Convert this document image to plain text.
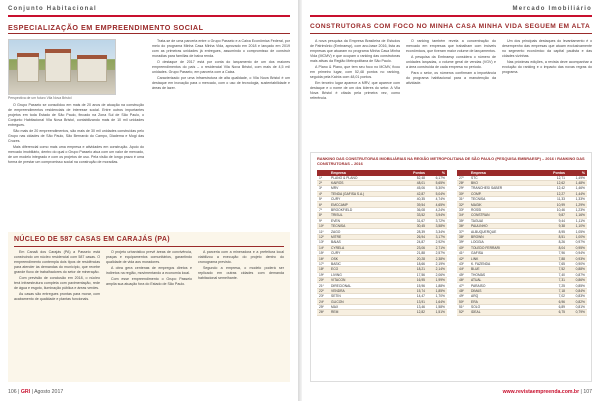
Conjunto Habitacional
ESPECIALIZAÇÃO EM EMPREENDIMENTO SOCIAL
Perspectiva de um futuro Vila Nova Bristol

O Grupo Passeio se consolidou em mais de 20 anos de atuação na construção de empreendimentos residenciais de interesse social. Entre outros importantes projetos em toda Estado de São Paulo, fincado na Zona Sul de São Paulo, o Conjunto Habitacional Vila Nova Bristol, contabilizando mais de 10 mil unidades entregues.

São mais de 20 empreendimentos, são mais de 30 mil unidades construídas pelo Grupo nas cidades de São Paulo, São Bernardo do Campo, Diadema e Mogi das Cruzes.

Mais diferencial como mais uma empresa e atividades em construção. Apoio do mercado imobiliário, dentro do qual o Grupo Passeio atua com um valor de mercado, de um modelo integrado e com os projetos de uso. Pela visão de longo prazo é uma forma de prestar um compromisso social na construção de moradias.

Trata-se de uma parceria entre o Grupo Passeio e a Caixa Econômica Federal, por meio do programa Minha Casa Minha Vida, aprovado em 2018 e lançado em 2019 com as primeiras unidades já entregues, assumindo o compromisso de construir moradias para famílias de baixa renda.

O destaque de 2017 está por conta do lançamento de um dos maiores empreendimentos do país – o residencial Vila Nova Bristol, com mais de 4,5 mil unidades. Grupo Passeio, em parceria com a Caixa.

Caracterizado por uma infraestrutura de alta qualidade, o Vila Nova Bristol é um destaque em inovação para o mercado, com o uso de tecnologia, sustentabilidade e áreas de lazer.

NÚCLEO DE 587 CASAS EM CARAJÁS (PA)

Em Canaã dos Carajás (PA) a Passeio está construindo um núcleo residencial com 587 casas. O empreendimento contempla dois tipos de residências para atender às demandas do município, que recebe grande fluxo de trabalhadores do setor de mineração.

Com previsão de conclusão em 2018, o núcleo terá infraestrutura completa com pavimentação, rede de água e esgoto, iluminação pública e áreas verdes.

As casas são entregues prontas para morar, com acabamento de qualidade e plantas funcionais.

O projeto urbanístico prevê áreas de convivência, praças e equipamentos comunitários, garantindo qualidade de vida aos moradores.

A obra gera centenas de empregos diretos e indiretos na região, movimentando a economia local.

Com esse empreendimento o Grupo Passeio amplia sua atuação fora do Estado de São Paulo.

A parceria com a mineradora e a prefeitura local viabilizou a execução do projeto dentro do cronograma previsto.

Segundo a empresa, o modelo poderá ser replicado em outras cidades com demanda habitacional semelhante.

106 | GRI | Agosto 2017
Mercado Imobiliário
CONSTRUTORAS COM FOCO NO MINHA CASA MINHA VIDA SEGUEM EM ALTA

A nova pesquisa da Empresa Brasileira de Estudos de Patrimônio (Embraesp), com ano-base 2016, lista as empresas que atuaram no programa Minha Casa Minha Vida (MCMV) e que ocupam o ranking das construtoras mais ativas da Região Metropolitana de São Paulo.

A Plano & Plano, que tem seu foco no MCMV, ficou em primeiro lugar, com 52,48 pontos no ranking, seguida pela Kairós com 48,01 pontos.

Em terceiro lugar aparece a MRV, que aparece com destaque e o nome de um dos líderes do setor. A Vila Nova Bristol é citada pela primeira vez, como referência.

O ranking também revela a concentração do mercado em empresas que trabalham com imóveis econômicos, que tiveram maior volume de lançamentos.

A pesquisa da Embraesp considera o número de unidades lançadas, o volume geral de vendas (VGV) e a área construída de cada empresa no período.

Para o setor, os números confirmam a importância do programa habitacional para a manutenção da atividade.

Um dos principais destaques do levantamento é o desempenho das empresas que atuam exclusivamente no segmento econômico da capital paulista e das cidades vizinhas.

Nas próximas edições, a revista deve acompanhar a evolução do ranking e o impacto das novas regras do programa.

RANKING DAS CONSTRUTORAS IMOBILIÁRIAS NA REGIÃO METROPOLITANA DE SÃO PAULO (PESQUISA EMBRAESP) – 2016 / RANKING DAS CONSTRUTORAS – 2016
Empresa	Pontos	%
1º	PLANO & PLANO	52,48	6,17%
2º	KAIRÓS	48,01	5,65%
3º	MRV	45,06	5,30%
4º	TENDA (GAFISA S.A.)	42,87	5,04%
5º	CURY	40,35	4,74%
6º	EMCCAMP	39,54	4,65%
7º	BROOKFIELD	36,08	4,24%
8º	TRISUL	33,52	3,94%
9º	EVEN	31,67	3,72%
10º	TECNISA	30,45	3,58%
11º	ZAGO	28,39	3,34%
12º	MITRE	26,94	3,17%
13º	BAIAS	24,87	2,92%
14º	CYRELA	23,06	2,71%
15º	CURY	21,88	2,57%
16º	OSK	20,28	2,38%
17º	BASIC	18,66	2,19%
18º	ECO	18,21	2,14%
19º	LIVING	17,56	2,06%
20º	VITACON	16,95	1,99%
21º	DIRECIONAL	15,96	1,88%
22º	VENDRA	15,74	1,85%
23º	SETIN	14,47	1,70%
24º	GLICON	13,91	1,64%
25º	MAX	13,46	1,58%
26º	REM	12,82	1,51%
Empresa	Pontos	%
27º	STC	12,71	1,49%
28º	BKO	12,62	1,48%
29º	TRANCHESI SABER	12,42	1,46%
30º	COMP.	12,27	1,44%
31º	TECNISA	11,33	1,33%
32º	MAGIK	10,99	1,29%
33º	ROSSI	10,46	1,23%
34º	CONSTRAN	9,87	1,16%
35º	TAGUAÍ	9,44	1,11%
36º	PAULINHO	9,38	1,10%
37º	ALBUQUERQUE	8,95	1,05%
38º	BROWN	8,51	1,00%
39º	LOGGIA	8,26	0,97%
40º	TOLEDO FERRARI	8,04	0,95%
41º	GAFISA	7,96	0,94%
42º	LINK	7,88	0,93%
43º	K. FAZENDA	7,65	0,90%
44º	BLUE	7,52	0,88%
45º	THOMÁS	7,40	0,87%
46º	ATUAL	7,31	0,86%
47º	PARAÍSO	7,25	0,85%
48º	DIMAS	7,18	0,84%
49º	ARQ	7,02	0,83%
50º	ERA	6,96	0,82%
51º	SOLO	6,89	0,81%
52º	IDEAL	6,75	0,79%
www.revistaempreenda.com.br | 107
